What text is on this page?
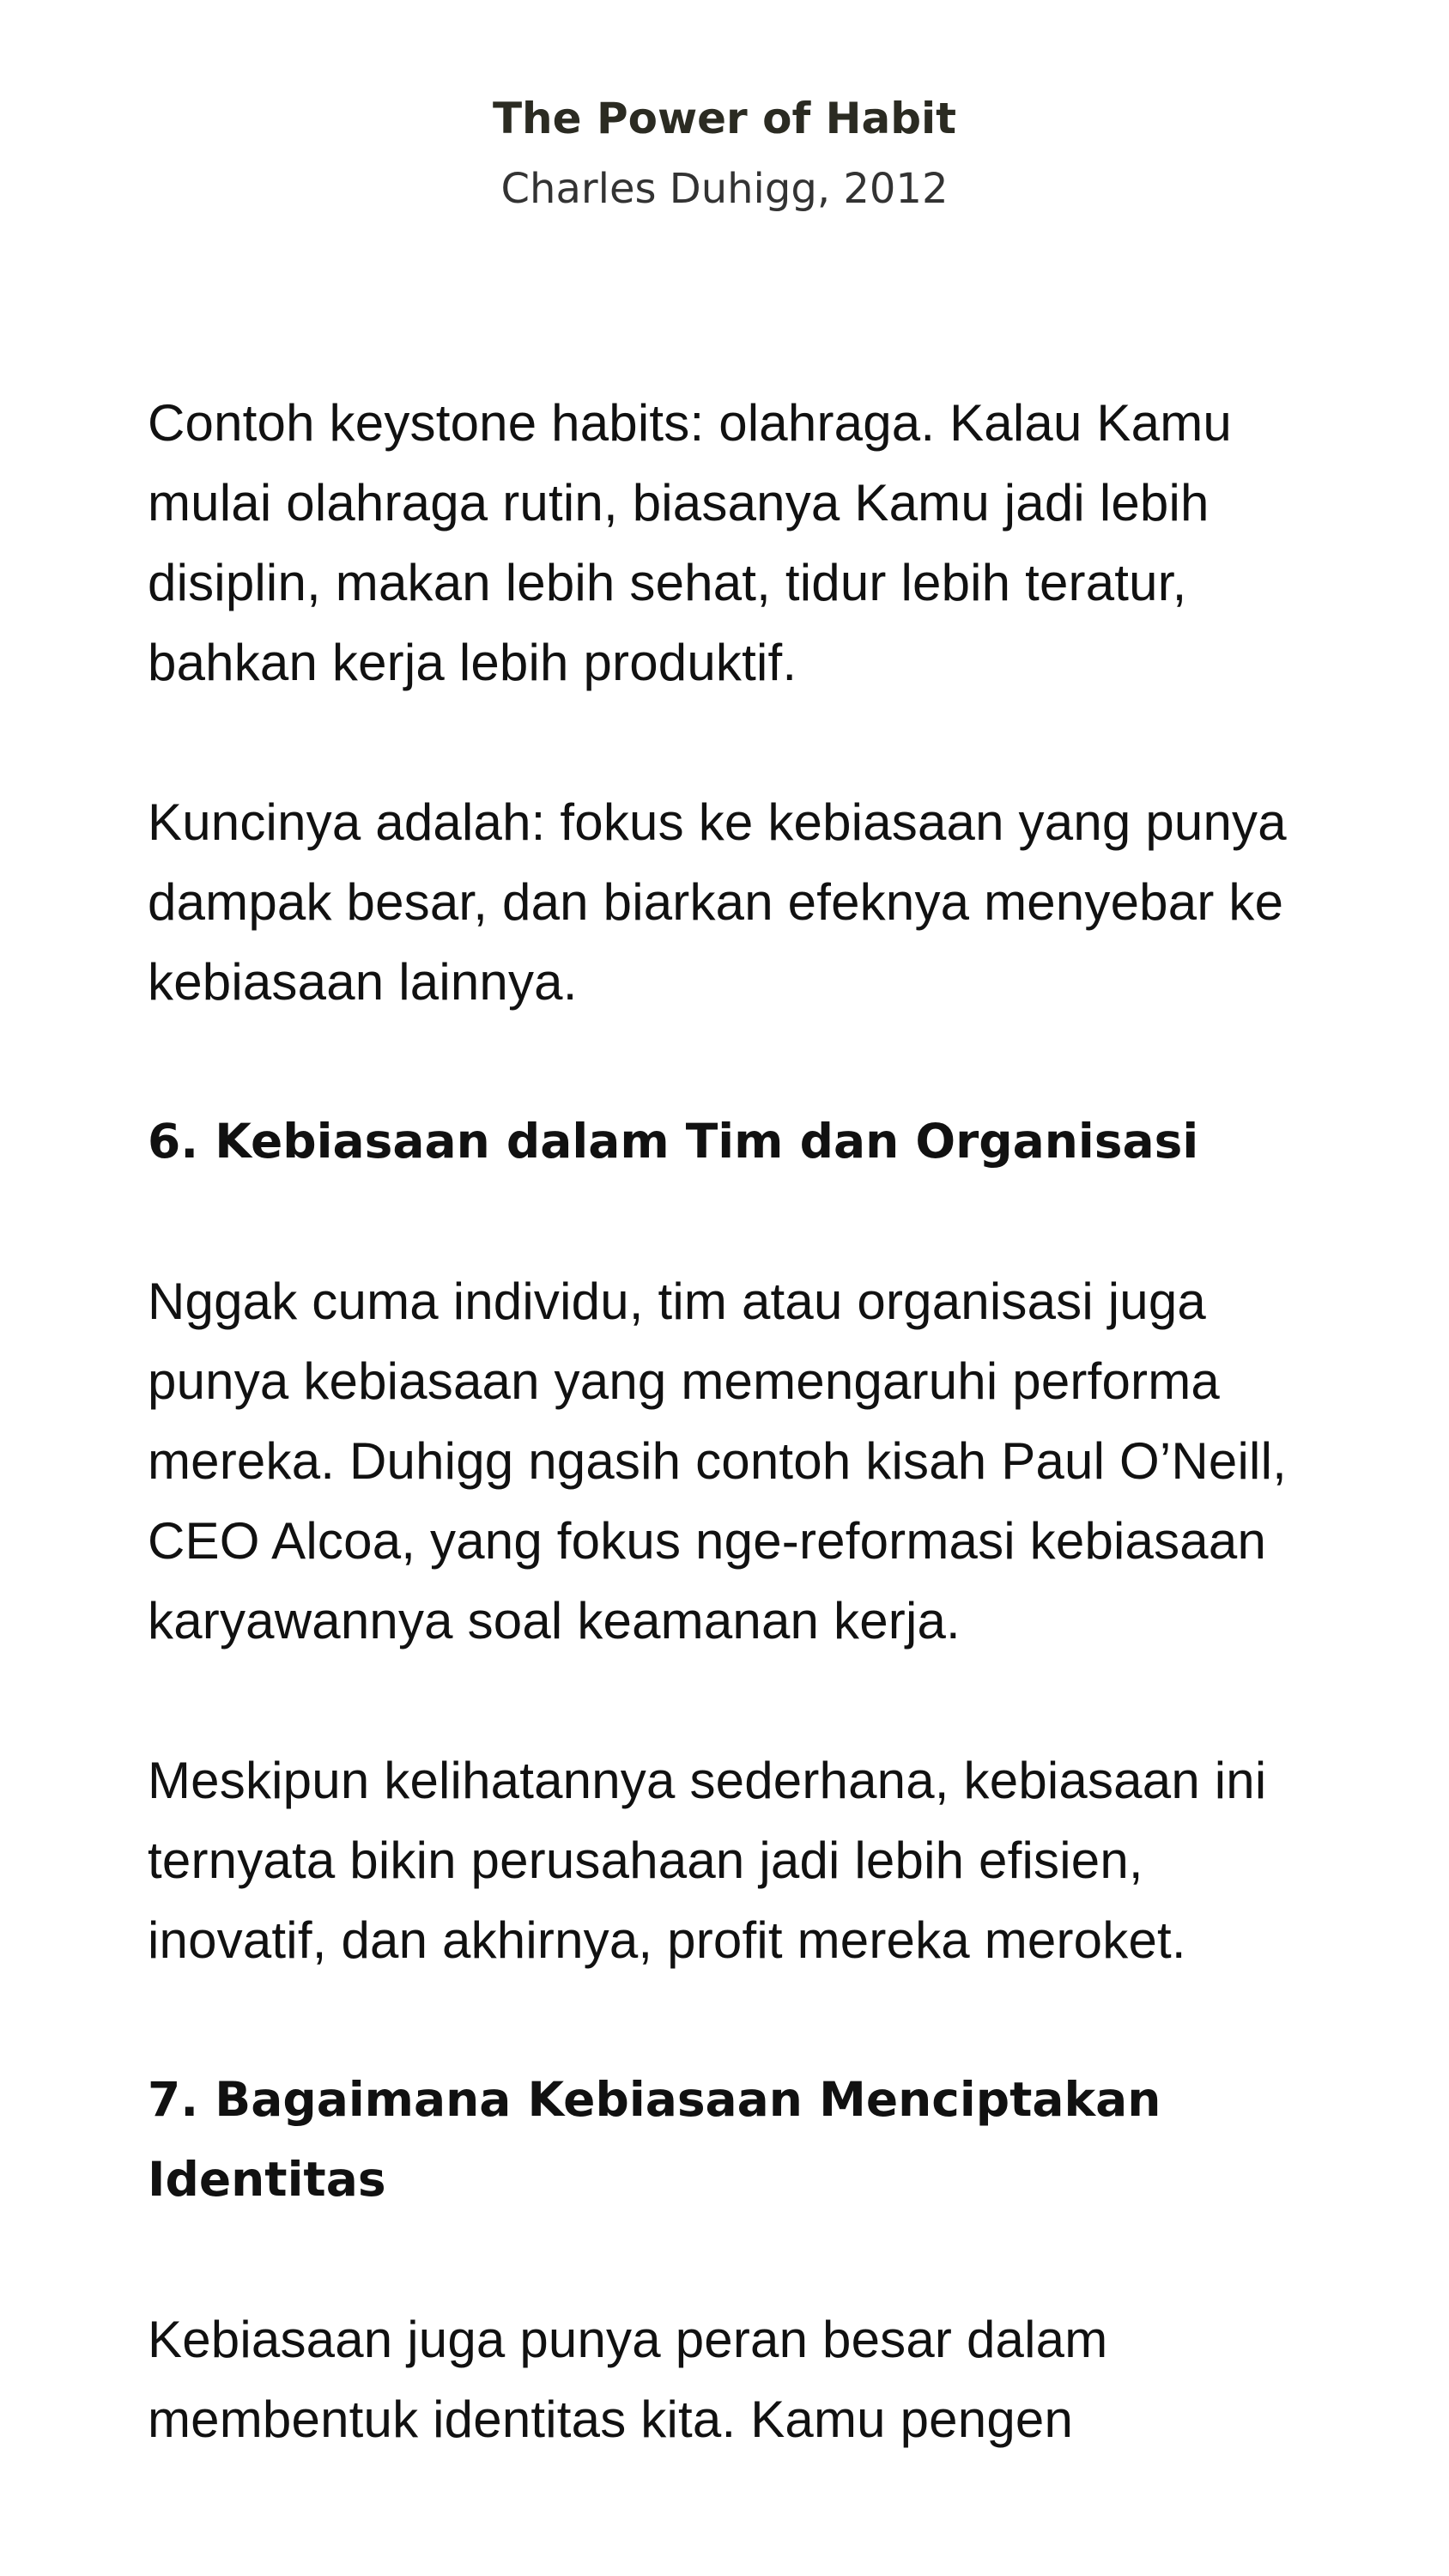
The Power of Habit

Charles Duhigg, 2012

Contoh keystone habits: olahraga. Kalau Kamu mulai olahraga rutin, biasanya Kamu jadi lebih disiplin, makan lebih sehat, tidur lebih teratur, bahkan kerja lebih produktif.

Kuncinya adalah: fokus ke kebiasaan yang punya dampak besar, dan biarkan efeknya menyebar ke kebiasaan lainnya.

6. Kebiasaan dalam Tim dan Organisasi

Nggak cuma individu, tim atau organisasi juga punya kebiasaan yang memengaruhi performa mereka. Duhigg ngasih contoh kisah Paul O’Neill, CEO Alcoa, yang fokus nge-reformasi kebiasaan karyawannya soal keamanan kerja.

Meskipun kelihatannya sederhana, kebiasaan ini ternyata bikin perusahaan jadi lebih efisien, inovatif, dan akhirnya, profit mereka meroket.

7. Bagaimana Kebiasaan Menciptakan Identitas

Kebiasaan juga punya peran besar dalam membentuk identitas kita. Kamu pengen
